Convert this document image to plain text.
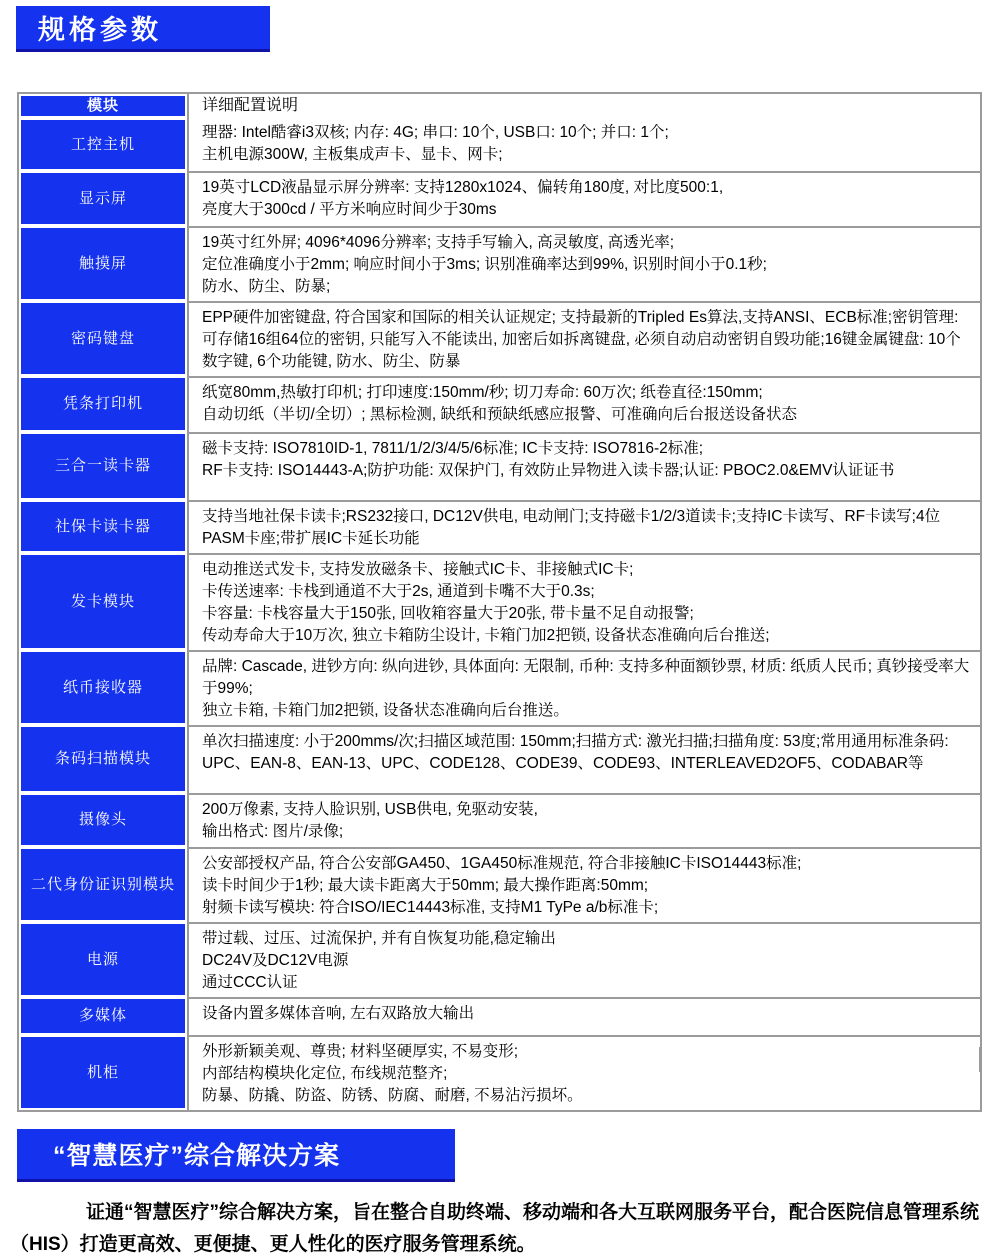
规格参数
模块	详细配置说明
工控主机
理器: Intel酷睿i3双核; 内存: 4G; 串口: 10个, USB口: 10个; 并口: 1个;
主机电源300W, 主板集成声卡、显卡、网卡;
显示屏
19英寸LCD液晶显示屏分辨率: 支持1280x1024、偏转角180度, 对比度500:1,
亮度大于300cd / 平方米响应时间少于30ms
触摸屏
19英寸红外屏; 4096*4096分辨率; 支持手写输入, 高灵敏度, 高透光率;
定位准确度小于2mm; 响应时间小于3ms; 识别准确率达到99%, 识别时间小于0.1秒;
防水、防尘、防暴;
密码键盘
EPP硬件加密键盘, 符合国家和国际的相关认证规定; 支持最新的Tripled Es算法,支持ANSI、ECB标准;密钥管理:可存储16组64位的密钥, 只能写入不能读出, 加密后如拆离键盘, 必须自动启动密钥自毁功能;16键金属键盘: 10个数字键, 6个功能键, 防水、防尘、防暴
凭条打印机
纸宽80mm,热敏打印机; 打印速度:150mm/秒; 切刀寿命: 60万次; 纸卷直径:150mm;
自动切纸（半切/全切）; 黑标检测, 缺纸和预缺纸感应报警、可准确向后台报送设备状态
三合一读卡器
磁卡支持: ISO7810ID-1, 7811/1/2/3/4/5/6标准; IC卡支持: ISO7816-2标准;
RF卡支持: ISO14443-A;防护功能: 双保护门, 有效防止异物进入读卡器;认证: PBOC2.0&EMV认证证书
社保卡读卡器
支持当地社保卡读卡;RS232接口, DC12V供电, 电动闸门;支持磁卡1/2/3道读卡;支持IC卡读写、RF卡读写;4位PASM卡座;带扩展IC卡延长功能
发卡模块
电动推送式发卡, 支持发放磁条卡、接触式IC卡、非接触式IC卡;
卡传送速率: 卡栈到通道不大于2s, 通道到卡嘴不大于0.3s;
卡容量: 卡栈容量大于150张, 回收箱容量大于20张, 带卡量不足自动报警;
传动寿命大于10万次, 独立卡箱防尘设计, 卡箱门加2把锁, 设备状态准确向后台推送;
纸币接收器
品牌: Cascade, 进钞方向: 纵向进钞, 具体面向: 无限制, 币种: 支持多种面额钞票, 材质: 纸质人民币; 真钞接受率大于99%;
独立卡箱, 卡箱门加2把锁, 设备状态准确向后台推送。
条码扫描模块
单次扫描速度: 小于200mms/次;扫描区域范围: 150mm;扫描方式: 激光扫描;扫描角度: 53度;常用通用标准条码: UPC、EAN-8、EAN-13、UPC、CODE128、CODE39、CODE93、INTERLEAVED2OF5、CODABAR等
摄像头
200万像素, 支持人脸识别, USB供电, 免驱动安装,
输出格式: 图片/录像;
二代身份证识别模块
公安部授权产品, 符合公安部GA450、1GA450标准规范, 符合非接触IC卡ISO14443标准;
读卡时间少于1秒; 最大读卡距离大于50mm; 最大操作距离:50mm;
射频卡读写模块: 符合ISO/IEC14443标准, 支持M1 TyPe a/b标准卡;
电源
带过载、过压、过流保护, 并有自恢复功能,稳定输出
DC24V及DC12V电源
通过CCC认证
多媒体	设备内置多媒体音响, 左右双路放大输出
机柜
外形新颖美观、尊贵; 材料坚硬厚实, 不易变形;
内部结构模块化定位, 布线规范整齐;
防暴、防撬、防盗、防锈、防腐、耐磨, 不易沾污损坏。
“智慧医疗”综合解决方案

证通“智慧医疗”综合解决方案，旨在整合自助终端、移动端和各大互联网服务平台，配合医院信息管理系统（HIS）打造更高效、更便捷、更人性化的医疗服务管理系统。
